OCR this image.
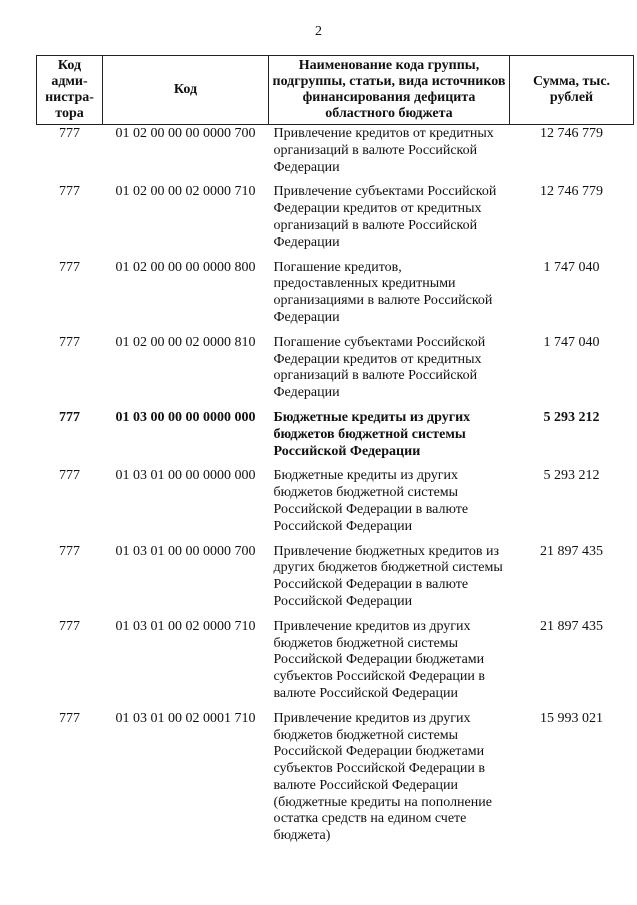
2
Код адми-нистра-тора	Код	Наименование кода группы, подгруппы, статьи, вида источников финансирования дефицита областного бюджета	Сумма, тыс. рублей
777	01 02 00 00 00 0000 700	Привлечение кредитов от кредитных организаций в валюте Российской Федерации	12 746 779
777	01 02 00 00 02 0000 710	Привлечение субъектами Российской Федерации кредитов от кредитных организаций в валюте Российской Федерации	12 746 779
777	01 02 00 00 00 0000 800	Погашение кредитов, предоставленных кредитными организациями в валюте Российской Федерации	1 747 040
777	01 02 00 00 02 0000 810	Погашение субъектами Российской Федерации кредитов от кредитных организаций в валюте Российской Федерации	1 747 040
777	01 03 00 00 00 0000 000	Бюджетные кредиты из других бюджетов бюджетной системы Российской Федерации	5 293 212
777	01 03 01 00 00 0000 000	Бюджетные кредиты из других бюджетов бюджетной системы Российской Федерации в валюте Российской Федерации	5 293 212
777	01 03 01 00 00 0000 700	Привлечение бюджетных кредитов из других бюджетов бюджетной системы Российской Федерации в валюте Российской Федерации	21 897 435
777	01 03 01 00 02 0000 710	Привлечение кредитов из других бюджетов бюджетной системы Российской Федерации бюджетами субъектов Российской Федерации в валюте Российской Федерации	21 897 435
777	01 03 01 00 02 0001 710	Привлечение кредитов из других бюджетов бюджетной системы Российской Федерации бюджетами субъектов Российской Федерации в валюте Российской Федерации (бюджетные кредиты на пополнение остатка средств на едином счете бюджета)	15 993 021
